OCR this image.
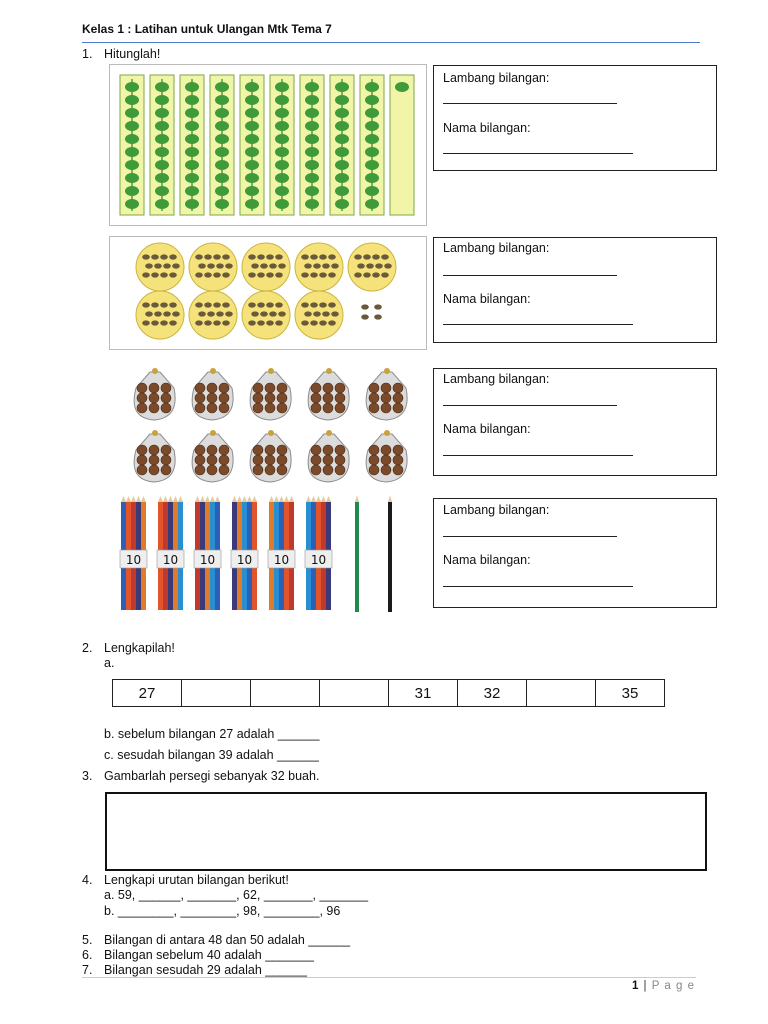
Kelas 1 : Latihan untuk Ulangan Mtk Tema 7
1. Hitunglah!
Lambang bilangan:
Nama bilangan:
Lambang bilangan:
Nama bilangan:
Lambang bilangan:
Nama bilangan:
10 10 10 10 10 10
Lambang bilangan:
Nama bilangan:
2. Lengkapilah!
a.
27				31	32		35
b. sebelum bilangan 27 adalah ______
c. sesudah bilangan 39 adalah ______
3. Gambarlah persegi sebanyak 32 buah.
4. Lengkapi urutan bilangan berikut!
a. 59, ______, _______, 62, _______, _______
b. ________, ________, 98, ________, 96
5. Bilangan di antara 48 dan 50 adalah ______
6. Bilangan sebelum 40 adalah _______
7. Bilangan sesudah 29 adalah ______
1 | P a g e
